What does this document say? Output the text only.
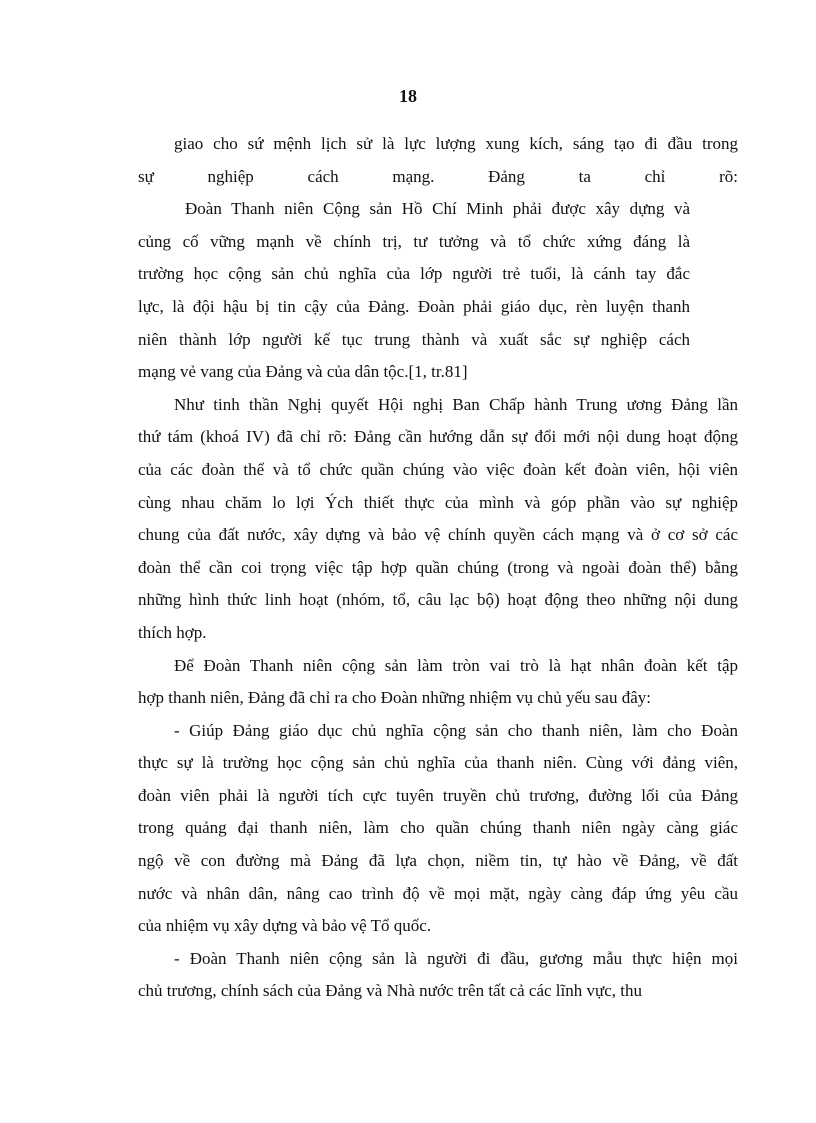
18

giao cho sứ mệnh lịch sử là lực lượng xung kích, sáng tạo đi đầu trong
sự nghiệp cách mạng. Đảng ta chỉ rõ:

Đoàn Thanh niên Cộng sản Hồ Chí Minh phải được xây dựng và
củng cố vững mạnh về chính trị, tư tưởng và tổ chức xứng đáng là
trường học cộng sản chủ nghĩa của lớp người trẻ tuổi, là cánh tay đắc
lực, là đội hậu bị tin cậy của Đảng. Đoàn phải giáo dục, rèn luyện thanh
niên thành lớp người kế tục trung thành và xuất sắc sự nghiệp cách
mạng vẻ vang của Đảng và của dân tộc.[1, tr.81]

Như tinh thần Nghị quyết Hội nghị Ban Chấp hành Trung ương Đảng lần
thứ tám (khoá IV) đã chỉ rõ: Đảng cần hướng dẫn sự đổi mới nội dung hoạt động
của các đoàn thể và tổ chức quần chúng vào việc đoàn kết đoàn viên, hội viên
cùng nhau chăm lo lợi Ých thiết thực của mình và góp phần vào sự nghiệp
chung của đất nước, xây dựng và bảo vệ chính quyền cách mạng và ở cơ sở các
đoàn thể cần coi trọng việc tập hợp quần chúng (trong và ngoài đoàn thể) bằng
những hình thức linh hoạt (nhóm, tổ, câu lạc bộ) hoạt động theo những nội dung
thích hợp.

Để Đoàn Thanh niên cộng sản làm tròn vai trò là hạt nhân đoàn kết tập
hợp thanh niên, Đảng đã chỉ ra cho Đoàn những nhiệm vụ chủ yếu sau đây:

- Giúp Đảng giáo dục chủ nghĩa cộng sản cho thanh niên, làm cho Đoàn
thực sự là trường học cộng sản chủ nghĩa của thanh niên. Cùng với đảng viên,
đoàn viên phải là người tích cực tuyên truyền chủ trương, đường lối của Đảng
trong quảng đại thanh niên, làm cho quần chúng thanh niên ngày càng giác
ngộ về con đường mà Đảng đã lựa chọn, niềm tin, tự hào về Đảng, về đất
nước và nhân dân, nâng cao trình độ về mọi mặt, ngày càng đáp ứng yêu cầu
của nhiệm vụ xây dựng và bảo vệ Tổ quốc.

- Đoàn Thanh niên cộng sản là người đi đầu, gương mẫu thực hiện mọi
chủ trương, chính sách của Đảng và Nhà nước trên tất cả các lĩnh vực, thu
